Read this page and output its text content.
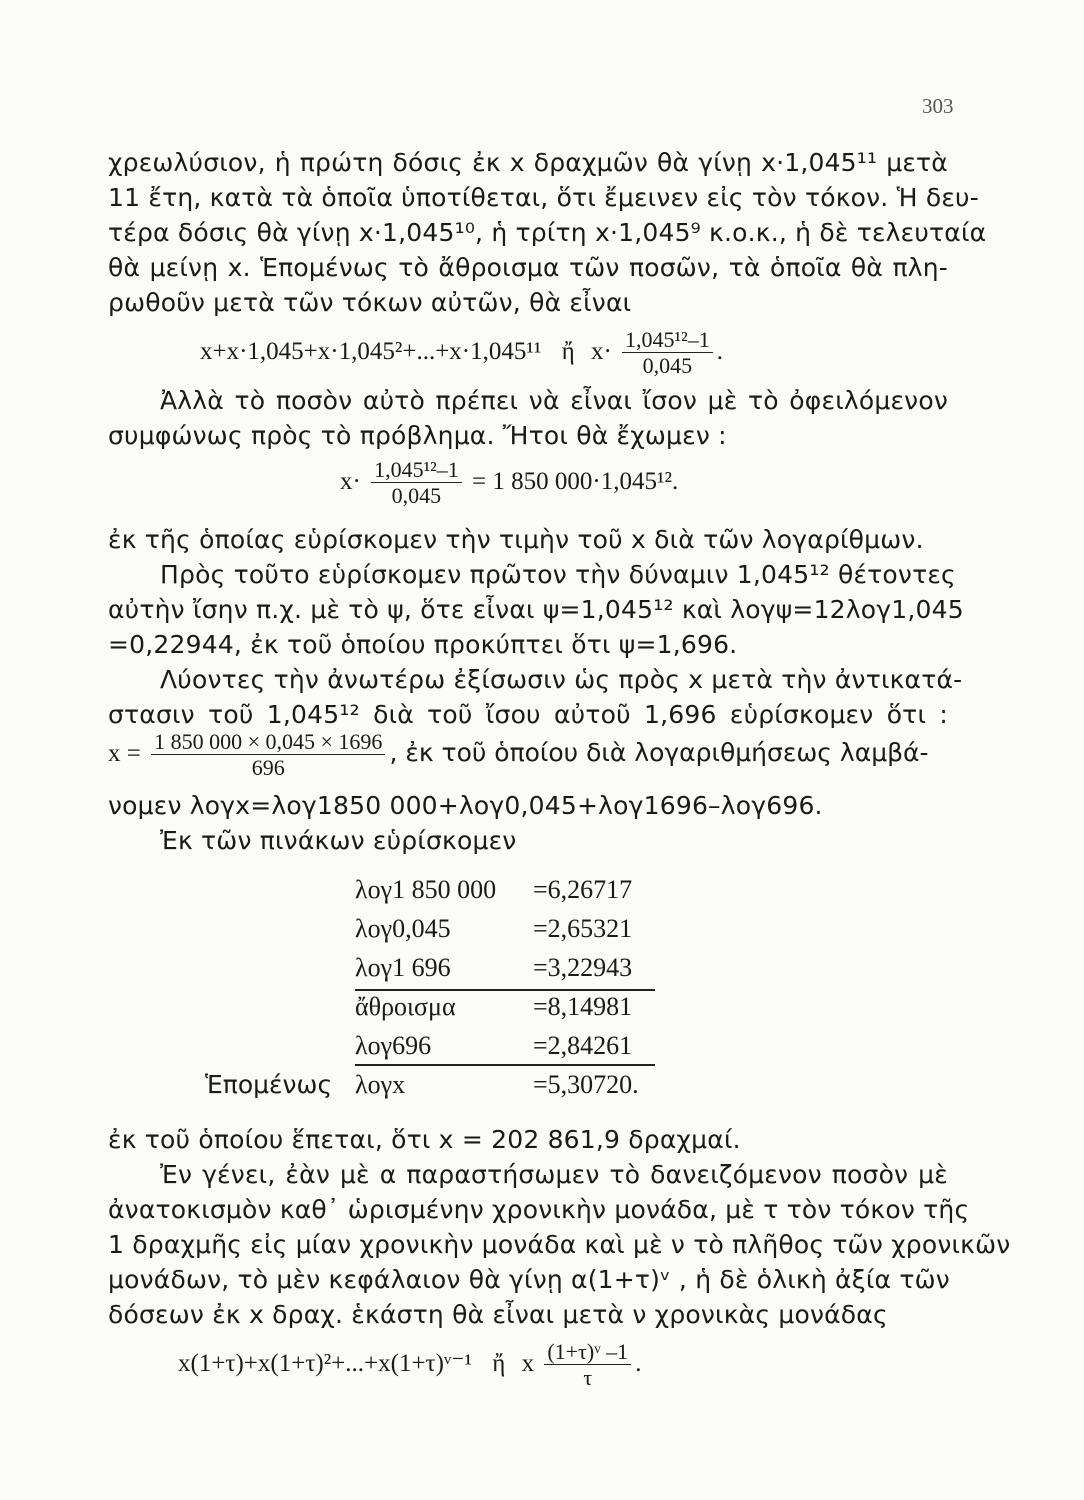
303
χρεωλύσιον, ἡ πρώτη δόσις ἐκ x δραχμῶν θὰ γίνῃ x·1,045¹¹ μετὰ
11 ἔτη, κατὰ τὰ ὁποῖα ὑποτίθεται, ὅτι ἔμεινεν εἰς τὸν τόκον. Ἡ δευ-
τέρα δόσις θὰ γίνῃ x·1,045¹⁰, ἡ τρίτη x·1,045⁹ κ.ο.κ., ἡ δὲ τελευταία
θὰ μείνῃ x. Ἑπομένως τὸ ἄθροισμα τῶν ποσῶν, τὰ ὁποῖα θὰ πλη-
ρωθοῦν μετὰ τῶν τόκων αὐτῶν, θὰ εἶναι
x+x·1,045+x·1,045²+...+x·1,045¹¹ ἤ $x\cdot \frac{\text{1,045¹²–1}}{0,045}$ .
Ἀλλὰ τὸ ποσὸν αὐτὸ πρέπει νὰ εἶναι ἴσον μὲ τὸ ὀφειλόμενον
συμφώνως πρὸς τὸ πρόβλημα. Ἤτοι θὰ ἔχωμεν :
$x\cdot \frac{\text{1,045¹²–1}}{0,045} = 1$ 850 000·1,045¹².
ἐκ τῆς ὁποίας εὑρίσκομεν τὴν τιμὴν τοῦ x διὰ τῶν λογαρίθμων.
Πρὸς τοῦτο εὑρίσκομεν πρῶτον τὴν δύναμιν 1,045¹² θέτοντες
αὐτὴν ἴσην π.χ. μὲ τὸ ψ, ὅτε εἶναι ψ=1,045¹² καὶ λογψ=12λογ1,045
=0,22944, ἐκ τοῦ ὁποίου προκύπτει ὅτι ψ=1,696.
Λύοντες τὴν ἀνωτέρω ἐξίσωσιν ὡς πρὸς x μετὰ τὴν ἀντικατά-
στασιν τοῦ 1,045¹² διὰ τοῦ ἴσου αὐτοῦ 1,696 εὑρίσκομεν ὅτι :
$x = \frac{1 850 000 \times 0,045 \times 1696}{696}$ , ἐκ τοῦ ὁποίου διὰ λογαριθμήσεως λαμβά-
νομεν λογx=λογ1850 000+λογ0,045+λογ1696–λογ696.
Ἐκ τῶν πινάκων εὑρίσκομεν
λογ1 850 000 =6,26717
λογ0,045	=2,65321
λογ1 696	=3,22943
ἄθροισμα	=8,14981
λογ696	=2,84261
λογx	=5,30720.
Ἑπομένως
ἐκ τοῦ ὁποίου ἕπεται, ὅτι x = 202 861,9 δραχμαί.
Ἐν γένει, ἐὰν μὲ α παραστήσωμεν τὸ δανειζόμενον ποσὸν μὲ
ἀνατοκισμὸν καθ᾽ ὡρισμένην χρονικὴν μονάδα, μὲ τ τὸν τόκον τῆς
1 δραχμῆς εἰς μίαν χρονικὴν μονάδα καὶ μὲ ν τὸ πλῆθος τῶν χρονικῶν
μονάδων, τὸ μὲν κεφάλαιον θὰ γίνῃ α(1+τ)ᵛ , ἡ δὲ ὁλικὴ ἀξία τῶν
δόσεων ἐκ x δραχ. ἑκάστη θὰ εἶναι μετὰ ν χρονικὰς μονάδας
x(1+τ)+x(1+τ)²+...+x(1+τ)ᵛ⁻¹ ἤ x $\frac{\text{(1+τ)ᵛ –1}}{\tau}$ .
